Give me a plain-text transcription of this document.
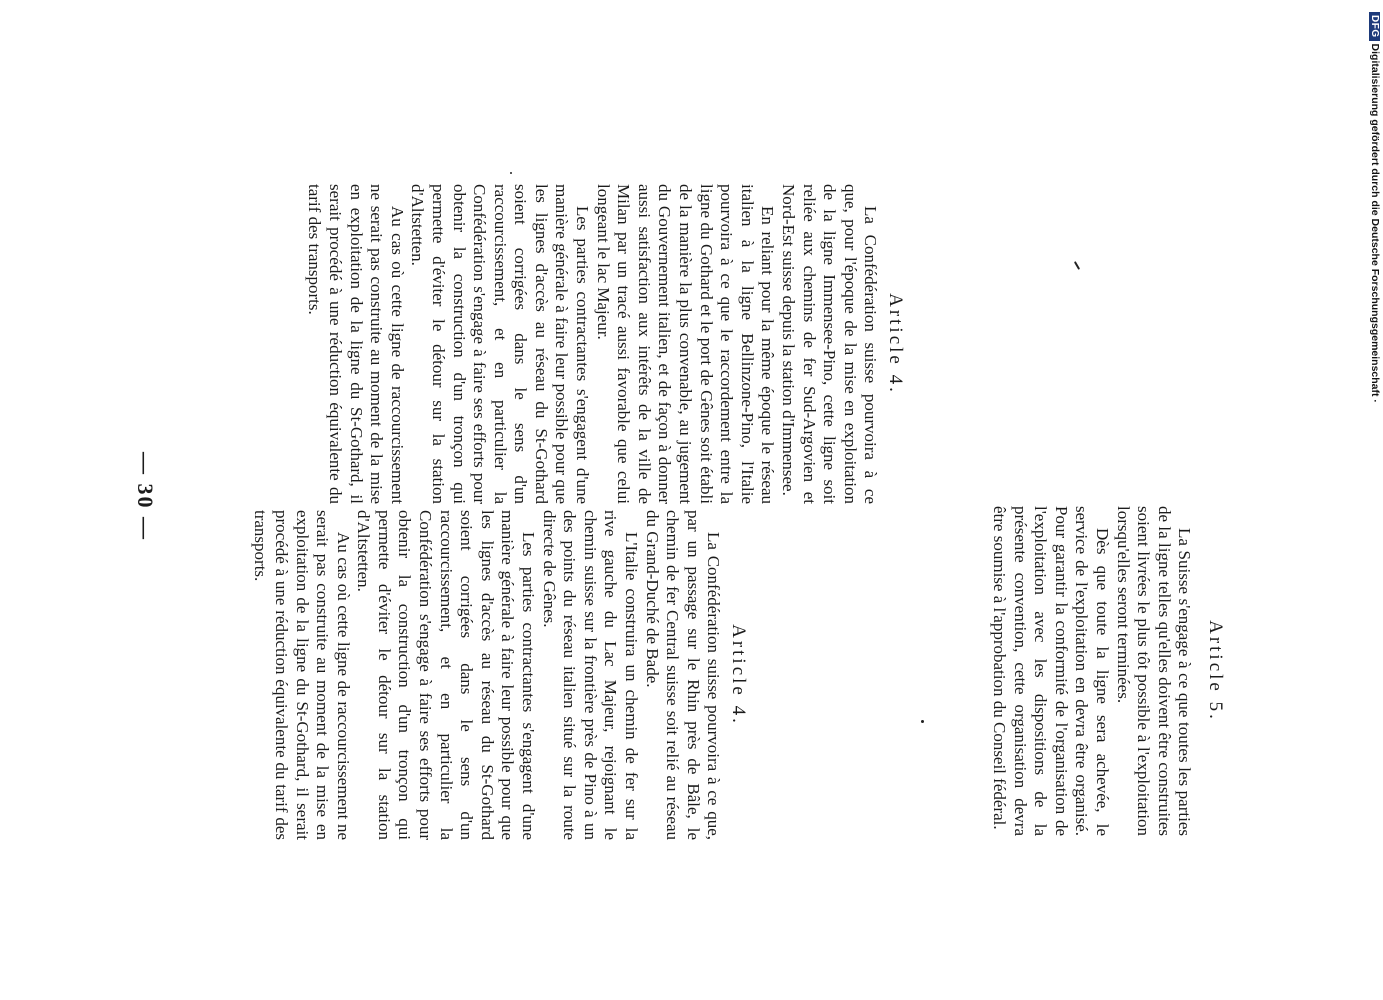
— 30 —
Article 4.

La Confédération suisse pourvoira à ce que, par un passage sur le Rhin près de Bâle, le chemin de fer Central suisse soit relié au réseau du Grand-Duché de Bade.

L'Italie construira un chemin de fer sur la rive gauche du Lac Majeur, rejoignant le chemin suisse sur la frontière près de Pino à un des points du réseau italien situé sur la route directe de Gênes.

Les parties contractantes s'engagent d'une manière générale à faire leur possible pour que les lignes d'accès au réseau du St-Gothard soient corrigées dans le sens d'un raccourcissement, et en particulier la Confédération s'engage à faire ses efforts pour obtenir la construction d'un tronçon qui permette d'éviter le détour sur la station d'Altstetten.

Au cas où cette ligne de raccourcissement ne serait pas construite au moment de la mise en exploitation de la ligne du St-Gothard, il serait procédé à une réduction équivalente du tarif des transports.

Article 5.

La Suisse s'engage à ce que toutes les parties de la ligne telles qu'elles doivent être construites soient livrées le plus tôt possible à l'exploitation lorsqu'elles seront terminées.

Dès que toute la ligne sera achevée, le service de l'exploitation en devra être organisé. Pour garantir la conformité de l'organisation de l'exploitation avec les dispositions de la présente convention, cette organisation devra être soumise à l'approbation du Conseil fédéral.

Article 4.

La Confédération suisse pourvoira à ce que, pour l'époque de la mise en exploitation de la ligne Immensee-Pino, cette ligne soit reliée aux chemins de fer Sud-Argovien et Nord-Est suisse depuis la station d'Immensee.

En reliant pour la même époque le réseau italien à la ligne Bellinzone-Pino, l'Italie pourvoira à ce que le raccordement entre la ligne du Gothard et le port de Gênes soit établi de la manière la plus convenable, au jugement du Gouvernement italien, et de façon à donner aussi satisfaction aux intérêts de la ville de Milan par un tracé aussi favorable que celui longeant le lac Majeur.

Les parties contractantes s'engagent d'une manière générale à faire leur possible pour que les lignes d'accès au réseau du St-Gothard soient corrigées dans le sens d'un raccourcissement, et en particulier la Confédération s'engage à faire ses efforts pour obtenir la construction d'un tronçon qui permette d'éviter le détour sur la station d'Altstetten.

Au cas où cette ligne de raccourcissement ne serait pas construite au moment de la mise en exploitation de la ligne du St-Gothard, il serait procédé à une réduction équivalente du tarif des transports.

DFG Digitalisierung gefördert durch die Deutsche Forschungsgemeinschaft ·
